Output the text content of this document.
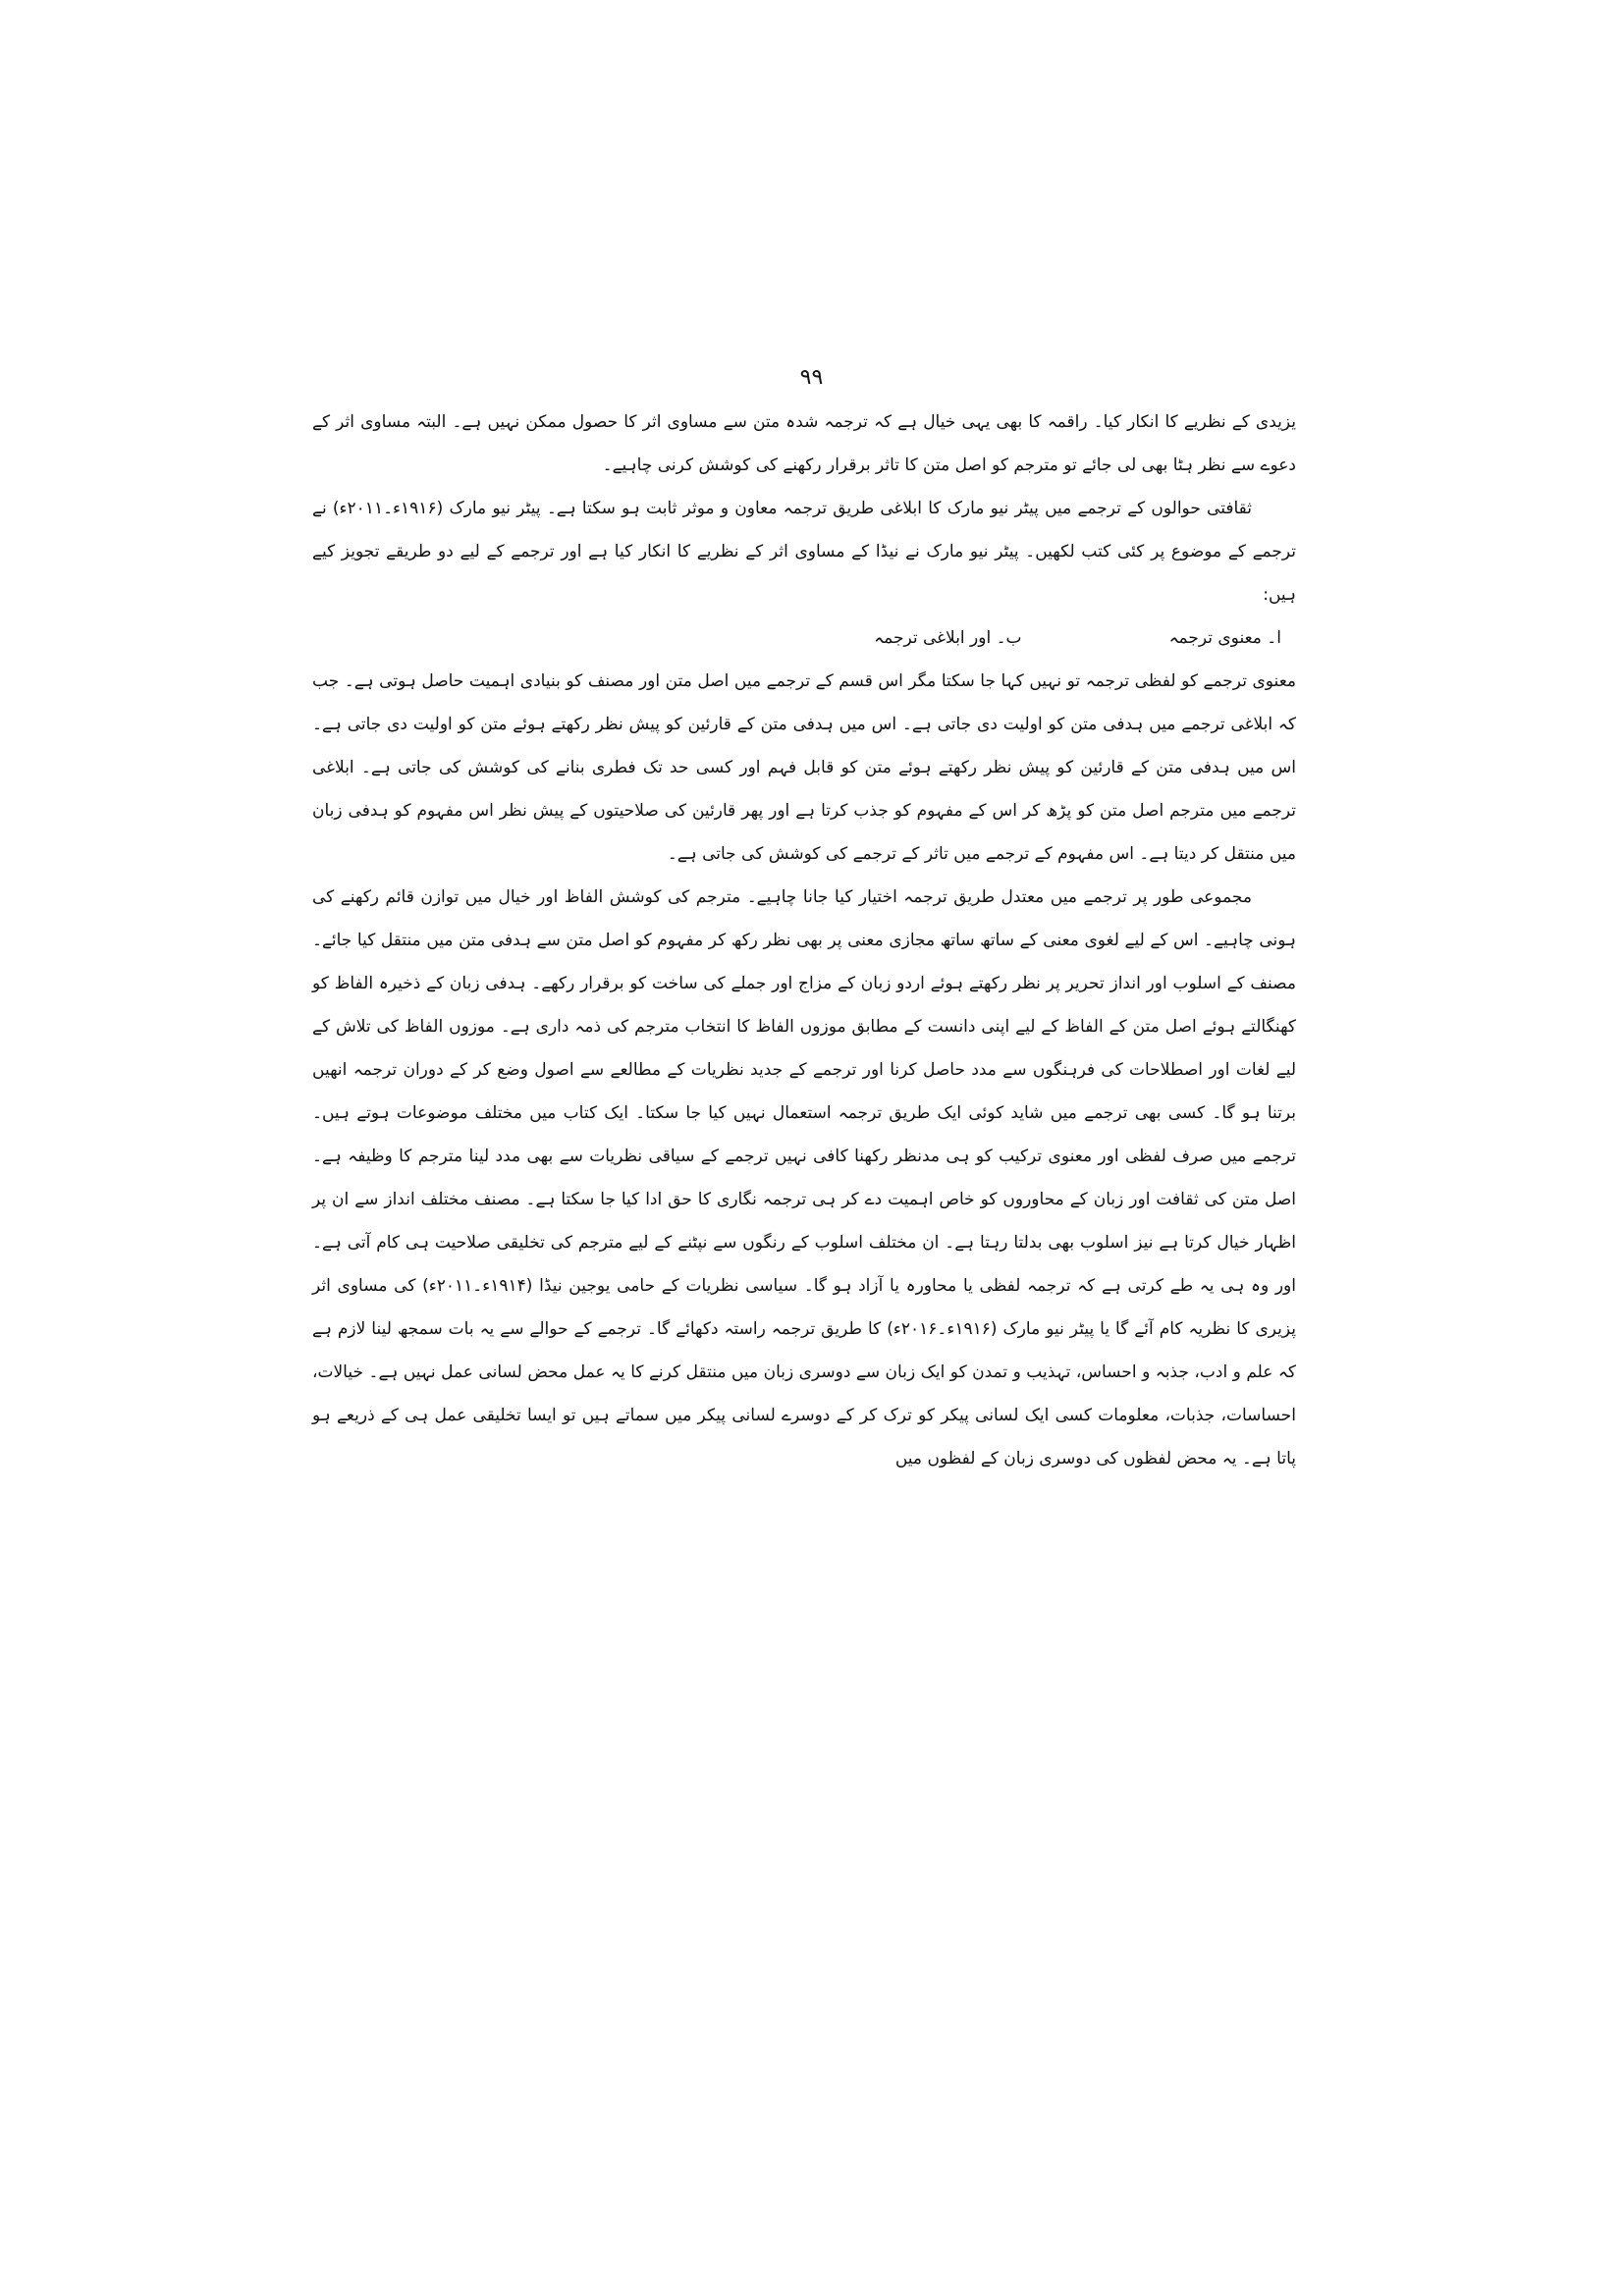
۹۹

یزیدی کے نظریے کا انکار کیا۔ راقمہ کا بھی یہی خیال ہے کہ ترجمہ شدہ متن سے مساوی اثر کا حصول ممکن نہیں ہے۔ البتہ مساوی اثر کے دعوے سے نظر ہٹا بھی لی جائے تو مترجم کو اصل متن کا تاثر برقرار رکھنے کی کوشش کرنی چاہیے۔

ثقافتی حوالوں کے ترجمے میں پیٹر نیو مارک کا ابلاغی طریق ترجمہ معاون و موثر ثابت ہو سکتا ہے۔ پیٹر نیو مارک (۱۹۱۶ء۔۲۰۱۱ء) نے ترجمے کے موضوع پر کئی کتب لکھیں۔ پیٹر نیو مارک نے نیڈا کے مساوی اثر کے نظریے کا انکار کیا ہے اور ترجمے کے لیے دو طریقے تجویز کیے ہیں:

ا۔ معنوی ترجمہ
ب۔ اور ابلاغی ترجمہ

معنوی ترجمے کو لفظی ترجمہ تو نہیں کہا جا سکتا مگر اس قسم کے ترجمے میں اصل متن اور مصنف کو بنیادی اہمیت حاصل ہوتی ہے۔ جب کہ ابلاغی ترجمے میں ہدفی متن کو اولیت دی جاتی ہے۔ اس میں ہدفی متن کے قارئین کو پیش نظر رکھتے ہوئے متن کو اولیت دی جاتی ہے۔ اس میں ہدفی متن کے قارئین کو پیش نظر رکھتے ہوئے متن کو قابل فہم اور کسی حد تک فطری بنانے کی کوشش کی جاتی ہے۔ ابلاغی ترجمے میں مترجم اصل متن کو پڑھ کر اس کے مفہوم کو جذب کرتا ہے اور پھر قارئین کی صلاحیتوں کے پیش نظر اس مفہوم کو ہدفی زبان میں منتقل کر دیتا ہے۔ اس مفہوم کے ترجمے میں تاثر کے ترجمے کی کوشش کی جاتی ہے۔

مجموعی طور پر ترجمے میں معتدل طریق ترجمہ اختیار کیا جانا چاہیے۔ مترجم کی کوشش الفاظ اور خیال میں توازن قائم رکھنے کی ہونی چاہیے۔ اس کے لیے لغوی معنی کے ساتھ ساتھ مجازی معنی پر بھی نظر رکھ کر مفہوم کو اصل متن سے ہدفی متن میں منتقل کیا جائے۔ مصنف کے اسلوب اور انداز تحریر پر نظر رکھتے ہوئے اردو زبان کے مزاج اور جملے کی ساخت کو برقرار رکھے۔ ہدفی زبان کے ذخیرہ الفاظ کو کھنگالتے ہوئے اصل متن کے الفاظ کے لیے اپنی دانست کے مطابق موزوں الفاظ کا انتخاب مترجم کی ذمہ داری ہے۔ موزوں الفاظ کی تلاش کے لیے لغات اور اصطلاحات کی فرہنگوں سے مدد حاصل کرنا اور ترجمے کے جدید نظریات کے مطالعے سے اصول وضع کر کے دوران ترجمہ انھیں برتنا ہو گا۔ کسی بھی ترجمے میں شاید کوئی ایک طریق ترجمہ استعمال نہیں کیا جا سکتا۔ ایک کتاب میں مختلف موضوعات ہوتے ہیں۔ ترجمے میں صرف لفظی اور معنوی ترکیب کو ہی مدنظر رکھنا کافی نہیں ترجمے کے سیاقی نظریات سے بھی مدد لینا مترجم کا وظیفہ ہے۔ اصل متن کی ثقافت اور زبان کے محاوروں کو خاص اہمیت دے کر ہی ترجمہ نگاری کا حق ادا کیا جا سکتا ہے۔ مصنف مختلف انداز سے ان پر اظہار خیال کرتا ہے نیز اسلوب بھی بدلتا رہتا ہے۔ ان مختلف اسلوب کے رنگوں سے نپٹنے کے لیے مترجم کی تخلیقی صلاحیت ہی کام آتی ہے۔ اور وہ ہی یہ طے کرتی ہے کہ ترجمہ لفظی یا محاورہ یا آزاد ہو گا۔ سیاسی نظریات کے حامی یوجین نیڈا (۱۹۱۴ء۔۲۰۱۱ء) کی مساوی اثر پزیری کا نظریہ کام آئے گا یا پیٹر نیو مارک (۱۹۱۶ء۔۲۰۱۶ء) کا طریق ترجمہ راستہ دکھائے گا۔ ترجمے کے حوالے سے یہ بات سمجھ لینا لازم ہے کہ علم و ادب، جذبہ و احساس، تہذیب و تمدن کو ایک زبان سے دوسری زبان میں منتقل کرنے کا یہ عمل محض لسانی عمل نہیں ہے۔ خیالات، احساسات، جذبات، معلومات کسی ایک لسانی پیکر کو ترک کر کے دوسرے لسانی پیکر میں سماتے ہیں تو ایسا تخلیقی عمل ہی کے ذریعے ہو پاتا ہے۔ یہ محض لفظوں کی دوسری زبان کے لفظوں میں
